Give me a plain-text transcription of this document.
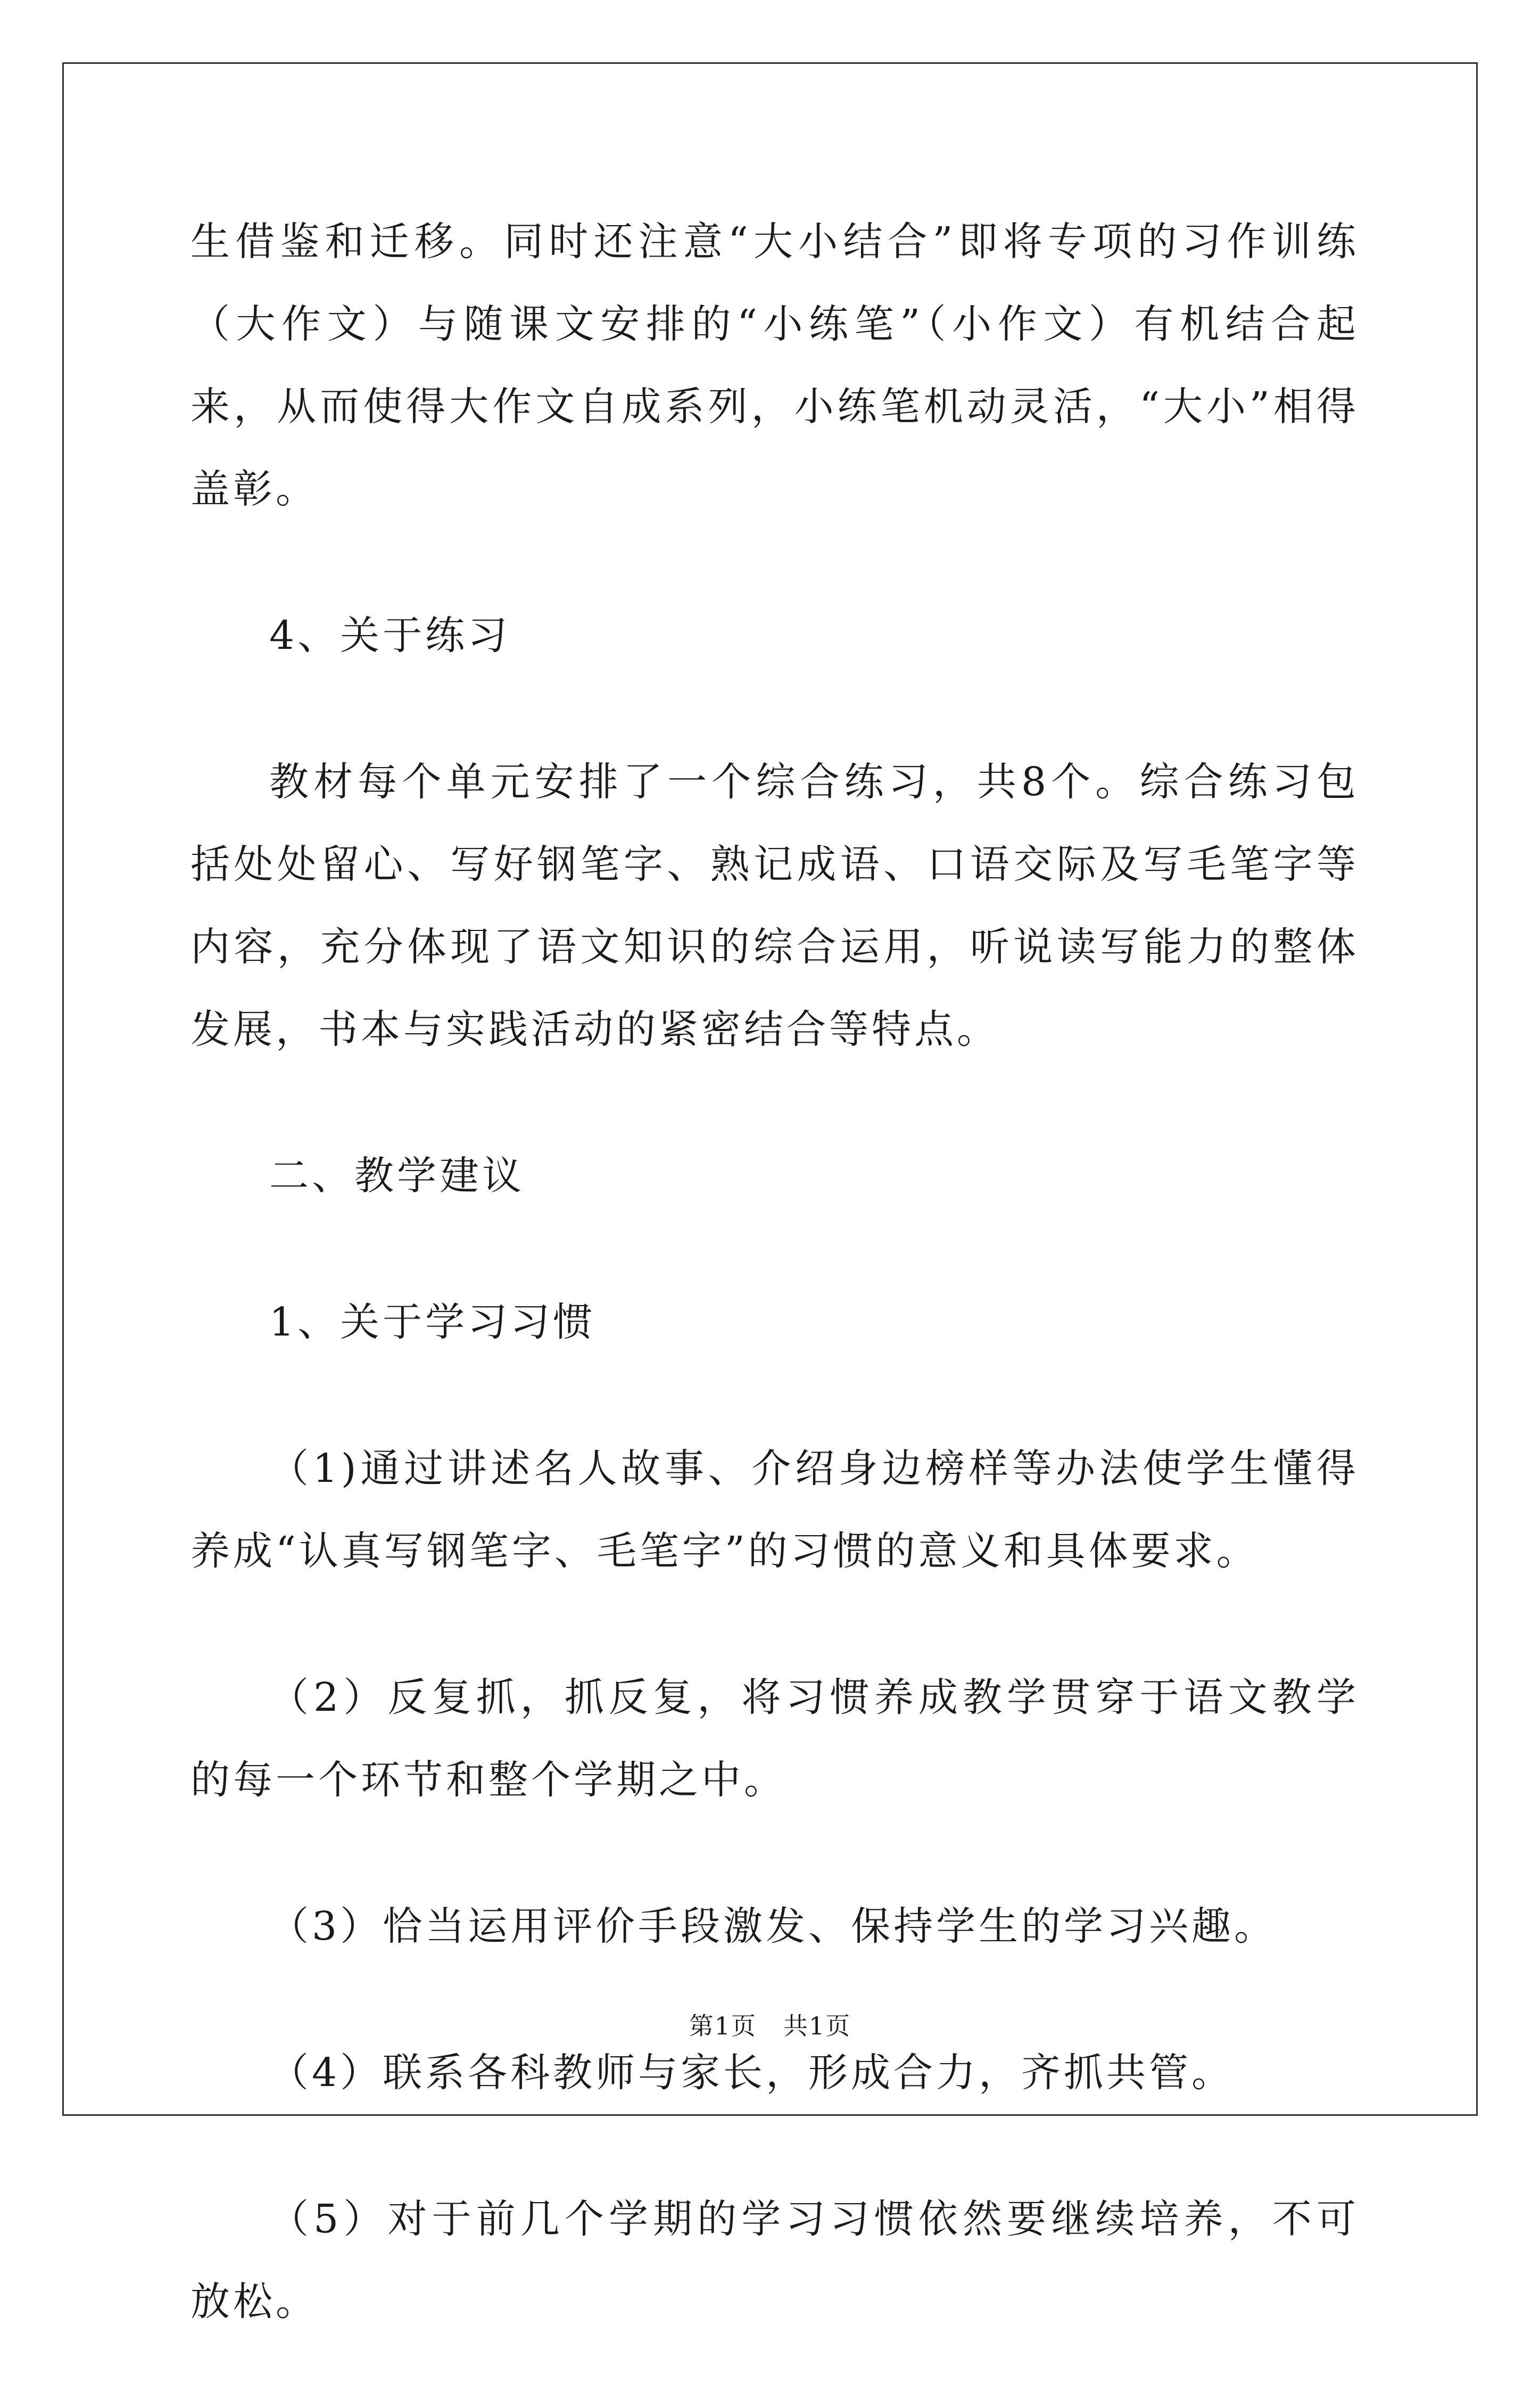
生借鉴和迁移。同时还注意“大小结合”即将专项的习作训练（大作文）与随课文安排的“小练笔”（小作文）有机结合起来，从而使得大作文自成系列，小练笔机动灵活，“大小”相得盖彰。

4、关于练习

教材每个单元安排了一个综合练习，共8个。综合练习包括处处留心、写好钢笔字、熟记成语、口语交际及写毛笔字等内容，充分体现了语文知识的综合运用，听说读写能力的整体发展，书本与实践活动的紧密结合等特点。

二、教学建议

1、关于学习习惯

（1)通过讲述名人故事、介绍身边榜样等办法使学生懂得养成“认真写钢笔字、毛笔字”的习惯的意义和具体要求。

（2）反复抓，抓反复，将习惯养成教学贯穿于语文教学的每一个环节和整个学期之中。

（3）恰当运用评价手段激发、保持学生的学习兴趣。

（4）联系各科教师与家长，形成合力，齐抓共管。

（5）对于前几个学期的学习习惯依然要继续培养，不可放松。

第1页 共1页
